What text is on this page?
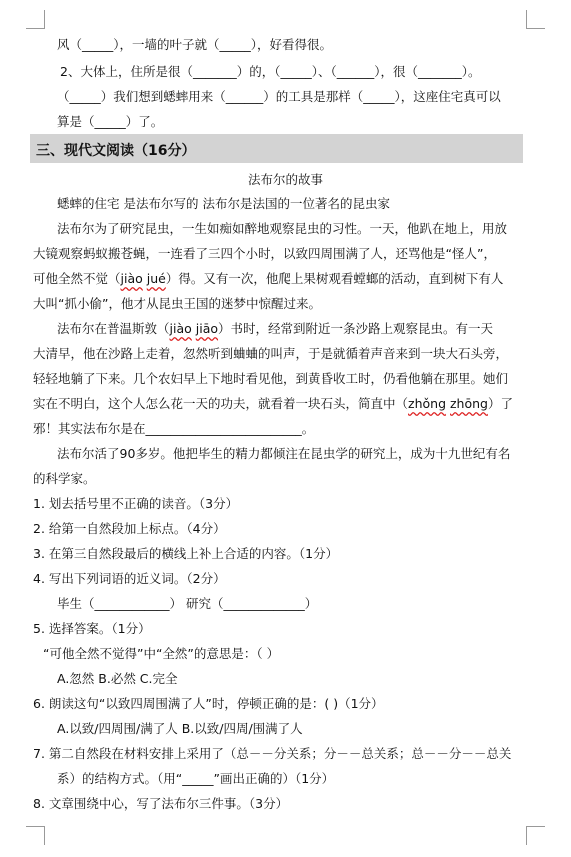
风（_____），一墙的叶子就（_____），好看得很。
2、大体上，住所是很（_______）的，（_____）、（______），很（_______）。
（_____）我们想到蟋蟀用来（______）的工具是那样（_____），这座住宅真可以
算是（_____）了。
三、现代文阅读（16分）
法布尔的故事
蟋蟀的住宅 是法布尔写的 法布尔是法国的一位著名的昆虫家
法布尔为了研究昆虫，一生如痴如醉地观察昆虫的习性。一天，他趴在地上，用放
大镜观察蚂蚁搬苍蝇，一连看了三四个小时，以致四周围满了人，还骂他是“怪人”，
可他全然不觉（jiào jué）得。又有一次，他爬上果树观看螳螂的活动，直到树下有人
大叫“抓小偷”，他才从昆虫王国的迷梦中惊醒过来。
法布尔在普温斯敦（jiào jiāo）书时，经常到附近一条沙路上观察昆虫。有一天
大清早，他在沙路上走着，忽然听到蛐蛐的叫声，于是就循着声音来到一块大石头旁，
轻轻地躺了下来。几个农妇早上下地时看见他，到黄昏收工时，仍看他躺在那里。她们
实在不明白，这个人怎么花一天的功夫，就看着一块石头，简直中（zhǒng zhōng）了
邪！其实法布尔是在_________________________。
法布尔活了90多岁。他把毕生的精力都倾注在昆虫学的研究上，成为十九世纪有名
的科学家。
1. 划去括号里不正确的读音。（3分）
2. 给第一自然段加上标点。（4分）
3. 在第三自然段最后的横线上补上合适的内容。（1分）
4. 写出下列词语的近义词。（2分）
毕生（____________） 研究（_____________）
5. 选择答案。（1分）
“可他全然不觉得”中“全然”的意思是：（ ）
A.忽然 B.必然 C.完全
6. 朗读这句“以致四周围满了人”时，停顿正确的是：( )（1分）
A.以致/四周围/满了人 B.以致/四周/围满了人
7. 第二自然段在材料安排上采用了（总－－分关系；分－－总关系；总－－分－－总关
系）的结构方式。（用“_____”画出正确的）（1分）
8. 文章围绕中心，写了法布尔三件事。（3分）
